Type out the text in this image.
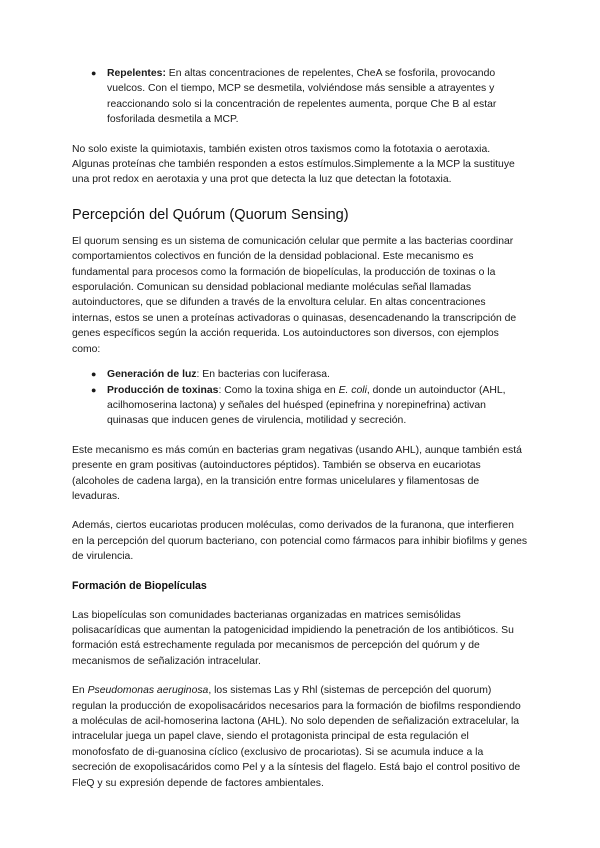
● Repelentes: En altas concentraciones de repelentes, CheA se fosforila, provocando vuelcos. Con el tiempo, MCP se desmetila, volviéndose más sensible a atrayentes y reaccionando solo si la concentración de repelentes aumenta, porque Che B al estar fosforilada desmetila a MCP.

No solo existe la quimiotaxis, también existen otros taxismos como la fototaxia o aerotaxia. Algunas proteínas che también responden a estos estímulos.Simplemente a la MCP la sustituye una prot redox en aerotaxia y una prot que detecta la luz que detectan la fototaxia.

Percepción del Quórum (Quorum Sensing)

El quorum sensing es un sistema de comunicación celular que permite a las bacterias coordinar comportamientos colectivos en función de la densidad poblacional. Este mecanismo es fundamental para procesos como la formación de biopelículas, la producción de toxinas o la esporulación. Comunican su densidad poblacional mediante moléculas señal llamadas autoinductores, que se difunden a través de la envoltura celular. En altas concentraciones internas, estos se unen a proteínas activadoras o quinasas, desencadenando la transcripción de genes específicos según la acción requerida. Los autoinductores son diversos, con ejemplos como:

● Generación de luz: En bacterias con luciferasa.
● Producción de toxinas: Como la toxina shiga en E. coli, donde un autoinductor (AHL, acilhomoserina lactona) y señales del huésped (epinefrina y norepinefrina) activan quinasas que inducen genes de virulencia, motilidad y secreción.

Este mecanismo es más común en bacterias gram negativas (usando AHL), aunque también está presente en gram positivas (autoinductores péptidos). También se observa en eucariotas (alcoholes de cadena larga), en la transición entre formas unicelulares y filamentosas de levaduras.

Además, ciertos eucariotas producen moléculas, como derivados de la furanona, que interfieren en la percepción del quorum bacteriano, con potencial como fármacos para inhibir biofilms y genes de virulencia.

Formación de Biopelículas

Las biopelículas son comunidades bacterianas organizadas en matrices semisólidas polisacarídicas que aumentan la patogenicidad impidiendo la penetración de los antibióticos. Su formación está estrechamente regulada por mecanismos de percepción del quórum y de mecanismos de señalización intracelular.

En Pseudomonas aeruginosa, los sistemas Las y Rhl (sistemas de percepción del quorum) regulan la producción de exopolisacáridos necesarios para la formación de biofilms respondiendo a moléculas de acil-homoserina lactona (AHL). No solo dependen de señalización extracelular, la intracelular juega un papel clave, siendo el protagonista principal de esta regulación el monofosfato de di-guanosina cíclico (exclusivo de procariotas). Si se acumula induce a la secreción de exopolisacáridos como Pel y a la síntesis del flagelo. Está bajo el control positivo de FleQ y su expresión depende de factores ambientales.
